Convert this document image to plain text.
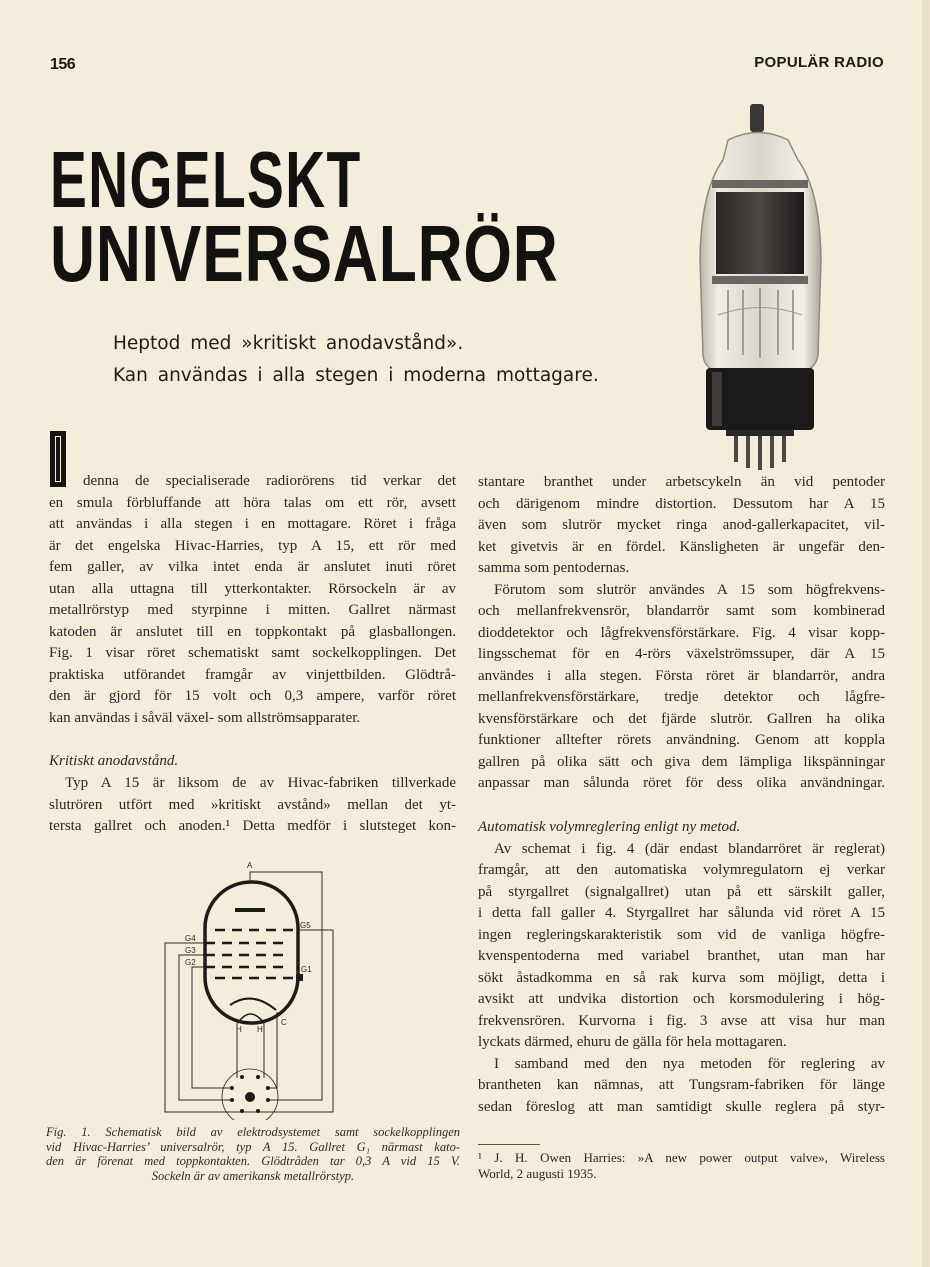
156	POPULÄR RADIO
ENGELSKT
UNIVERSALRÖR
Heptod med »kritiskt anodavstånd».
Kan användas i alla stegen i moderna mottagare.
I
denna de specialiserade radiorörens tid verkar det
en smula förbluffande att höra talas om ett rör, avsett
att användas i alla stegen i en mottagare. Röret i fråga
är det engelska Hivac-Harries, typ A 15, ett rör med
fem galler, av vilka intet enda är anslutet inuti röret
utan alla uttagna till ytterkontakter. Rörsockeln är av
metallrörstyp med styrpinne i mitten. Gallret närmast
katoden är anslutet till en toppkontakt på glasballongen.
Fig. 1 visar röret schematiskt samt sockelkopplingen. Det
praktiska utförandet framgår av vinjettbilden. Glödtrå-
den är gjord för 15 volt och 0,3 ampere, varför röret
kan användas i såväl växel- som allströmsapparater.
Kritiskt anodavstånd.
Typ A 15 är liksom de av Hivac-fabriken tillverkade
slutrören utfört med »kritiskt avstånd» mellan det yt-
tersta gallret och anoden.¹ Detta medför i slutsteget kon-
stantare branthet under arbetscykeln än vid pentoder
och därigenom mindre distortion. Dessutom har A 15
även som slutrör mycket ringa anod-gallerkapacitet, vil-
ket givetvis är en fördel. Känsligheten är ungefär den-
samma som pentodernas.
Förutom som slutrör användes A 15 som högfrekvens-
och mellanfrekvensrör, blandarrör samt som kombinerad
dioddetektor och lågfrekvensförstärkare. Fig. 4 visar kopp-
lingsschemat för en 4-rörs växelströmssuper, där A 15
användes i alla stegen. Första röret är blandarrör, andra
mellanfrekvensförstärkare, tredje detektor och lågfre-
kvensförstärkare och det fjärde slutrör. Gallren ha olika
funktioner alltefter rörets användning. Genom att koppla
gallren på olika sätt och giva dem lämpliga likspänningar
anpassar man sålunda röret för dess olika användningar.
Automatisk volymreglering enligt ny metod.
Av schemat i fig. 4 (där endast blandarröret är reglerat)
framgår, att den automatiska volymregulatorn ej verkar
på styrgallret (signalgallret) utan på ett särskilt galler,
i detta fall galler 4. Styrgallret har sålunda vid röret A 15
ingen regleringskarakteristik som vid de vanliga högfre-
kvenspentoderna med variabel branthet, utan man har
sökt åstadkomma en så rak kurva som möjligt, detta i
avsikt att undvika distortion och korsmodulering i hög-
frekvensrören. Kurvorna i fig. 3 avse att visa hur man
lyckats därmed, ehuru de gälla för hela mottagaren.
I samband med den nya metoden för reglering av
brantheten kan nämnas, att Tungsram-fabriken för länge
sedan föreslog att man samtidigt skulle reglera på styr-
A
G5
G4
G3
G2
G1
H H
C
Fig. 1. Schematisk bild av elektrodsystemet samt sockelkopplingen
vid Hivac-Harries’ universalrör, typ A 15. Gallret G₁ närmast kato-
den är förenat med toppkontakten. Glödtråden tar 0,3 A vid 15 V.
Sockeln är av amerikansk metallrörstyp.
¹ J. H. Owen Harries: »A new power output valve», Wireless
World, 2 augusti 1935.
